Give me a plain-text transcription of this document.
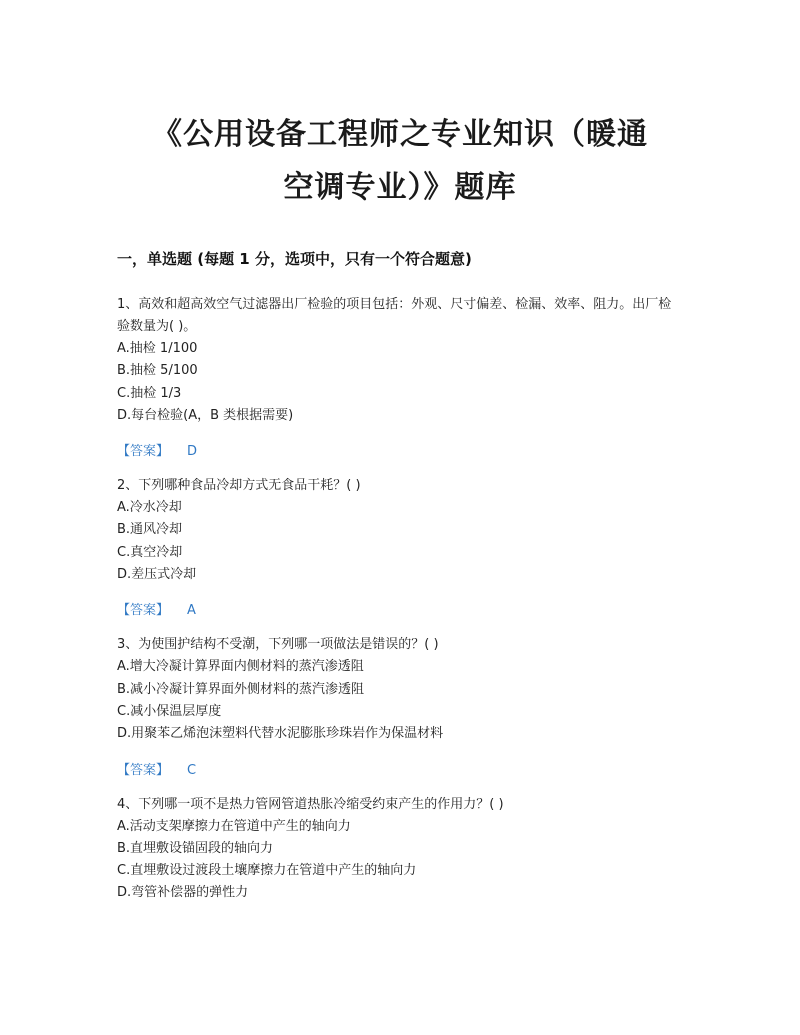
《公用设备工程师之专业知识（暖通
空调专业）》题库
一，单选题 (每题 1 分，选项中，只有一个符合题意)
1、高效和超高效空气过滤器出厂检验的项目包括：外观、尺寸偏差、检漏、效率、阻力。出厂检验数量为( )。
A.抽检 1/100
B.抽检 5/100
C.抽检 1/3
D.每台检验(A，B 类根据需要)
【答案】 D
2、下列哪种食品冷却方式无食品干耗？( )
A.冷水冷却
B.通风冷却
C.真空冷却
D.差压式冷却
【答案】 A
3、为使围护结构不受潮，下列哪一项做法是错误的？( )
A.增大冷凝计算界面内侧材料的蒸汽渗透阻
B.减小冷凝计算界面外侧材料的蒸汽渗透阻
C.减小保温层厚度
D.用聚苯乙烯泡沫塑料代替水泥膨胀珍珠岩作为保温材料
【答案】 C
4、下列哪一项不是热力管网管道热胀冷缩受约束产生的作用力？( )
A.活动支架摩擦力在管道中产生的轴向力
B.直埋敷设锚固段的轴向力
C.直埋敷设过渡段土壤摩擦力在管道中产生的轴向力
D.弯管补偿器的弹性力
